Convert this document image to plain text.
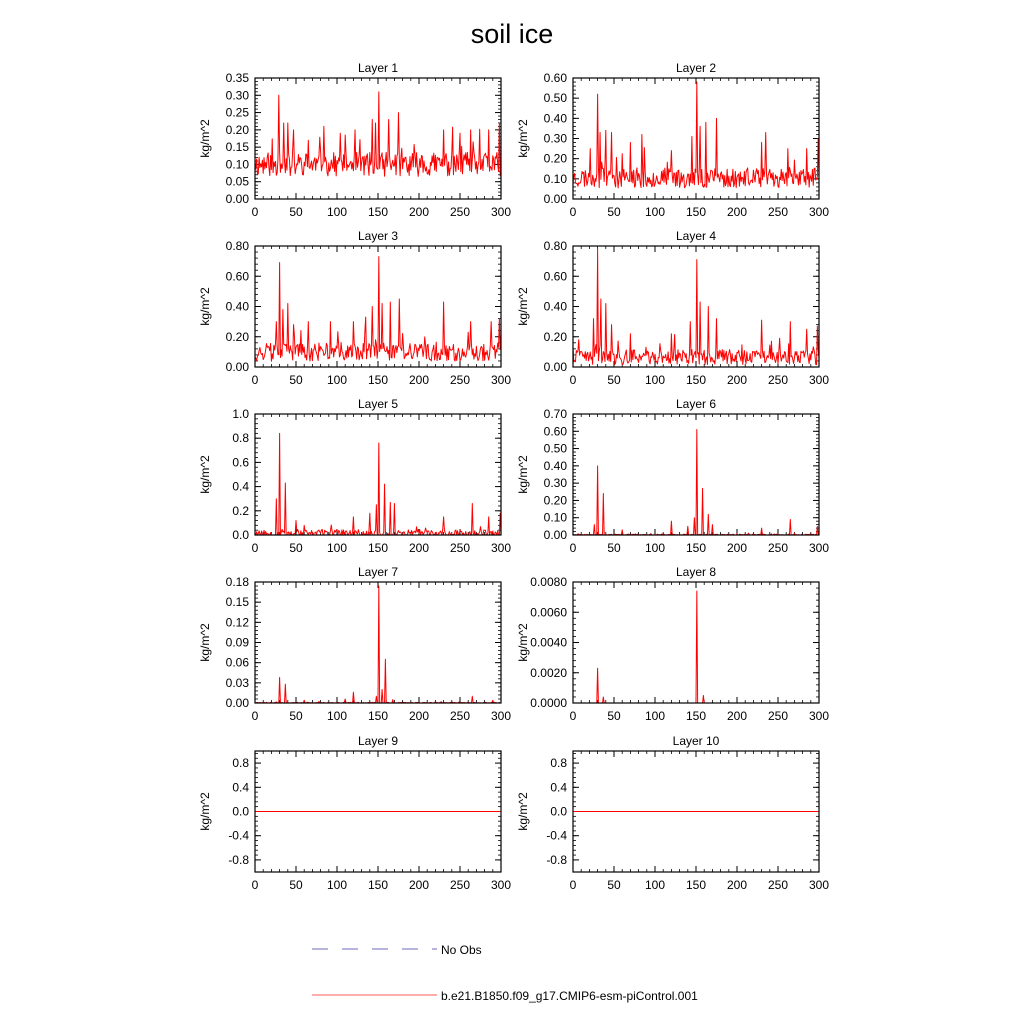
soil ice
Layer 1
kg/m^2
0	50 100 150 200 250 300
0.00
0.05
0.10
0.15
0.20
0.25
0.30
0.35
Layer 2
kg/m^2
0	50 100 150 200 250 300
0.00
0.10
0.20
0.30
0.40
0.50
0.60
Layer 3
kg/m^2
0	50 100 150 200 250 300
0.00
0.20
0.40
0.60
0.80
Layer 4
kg/m^2
0	50 100 150 200 250 300
0.00
0.20
0.40
0.60
0.80
Layer 5
kg/m^2
0	50 100 150 200 250 300
0.0
0.2
0.4
0.6
0.8
1.0
Layer 6
kg/m^2
0	50 100 150 200 250 300
0.00
0.10
0.20
0.30
0.40
0.50
0.60
0.70
Layer 7
kg/m^2
0	50 100 150 200 250 300
0.00
0.03
0.06
0.09
0.12
0.15
0.18
Layer 8
kg/m^2
0	50 100 150 200 250 300
0.0000
0.0020
0.0040
0.0060
0.0080
Layer 9
kg/m^2
0	50 100 150 200 250 300
-0.8
-0.4
0.0
0.4
0.8
Layer 10
kg/m^2
0	50 100 150 200 250 300
-0.8
-0.4
0.0
0.4
0.8
No Obs
b.e21.B1850.f09_g17.CMIP6-esm-piControl.001
